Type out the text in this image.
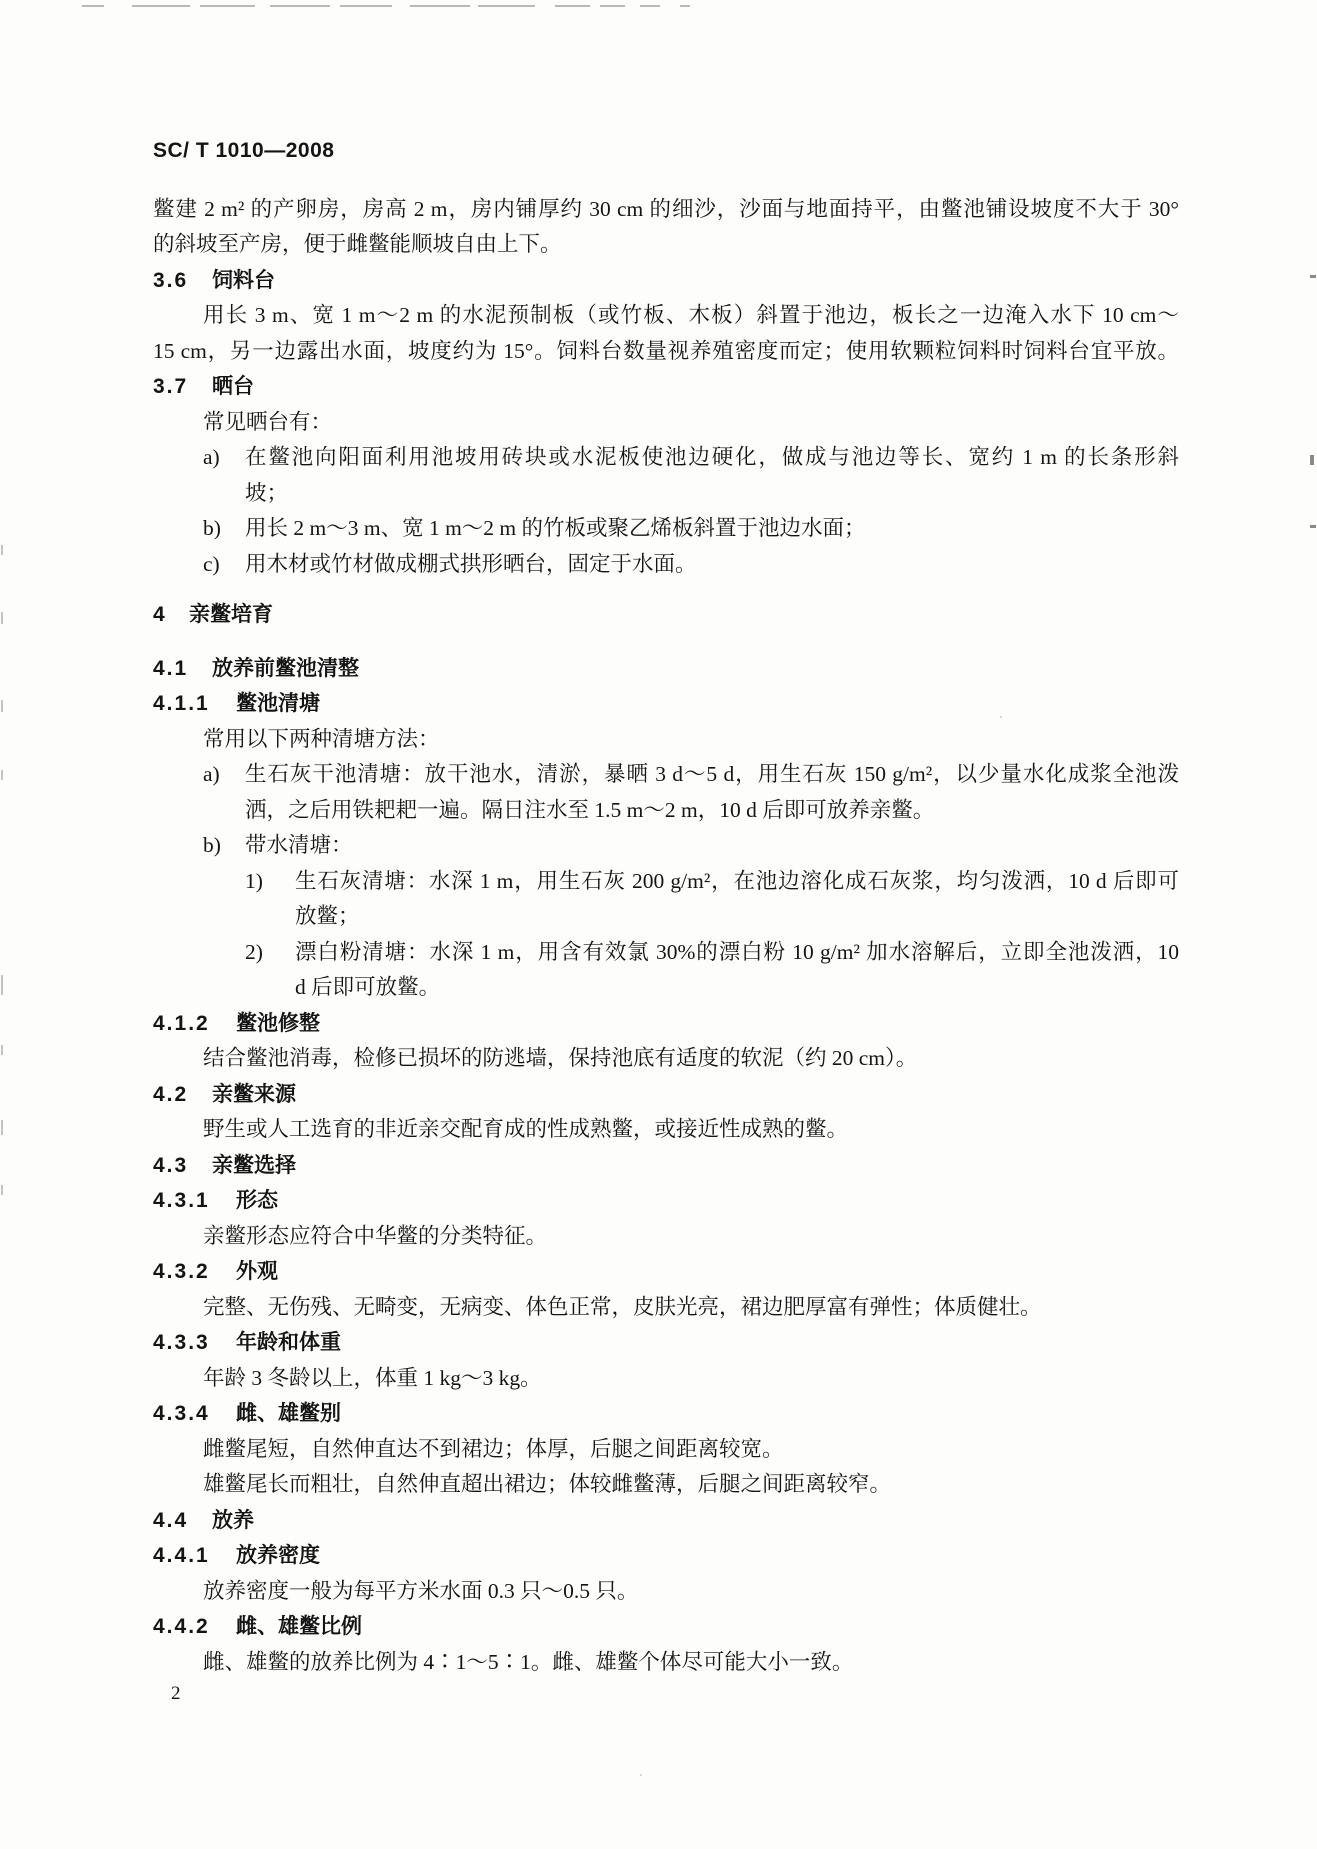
SC/ T 1010—2008
鳖建 2 m² 的产卵房，房高 2 m，房内铺厚约 30 cm 的细沙，沙面与地面持平，由鳖池铺设坡度不大于 30°
的斜坡至产房，便于雌鳖能顺坡自由上下。
3.6 饲料台
用长 3 m、宽 1 m～2 m 的水泥预制板（或竹板、木板）斜置于池边，板长之一边淹入水下 10 cm～
15 cm，另一边露出水面，坡度约为 15°。饲料台数量视养殖密度而定；使用软颗粒饲料时饲料台宜平放。
3.7 晒台
常见晒台有：
a)	在鳖池向阳面利用池坡用砖块或水泥板使池边硬化，做成与池边等长、宽约 1 m 的长条形斜
坡；
b)	用长 2 m～3 m、宽 1 m～2 m 的竹板或聚乙烯板斜置于池边水面；
c)	用木材或竹材做成棚式拱形晒台，固定于水面。
4 亲鳖培育
4.1 放养前鳖池清整
4.1.1 鳖池清塘
常用以下两种清塘方法：
a)	生石灰干池清塘：放干池水，清淤，暴晒 3 d～5 d，用生石灰 150 g/m²，以少量水化成浆全池泼
洒，之后用铁耙耙一遍。隔日注水至 1.5 m～2 m，10 d 后即可放养亲鳖。
b)	带水清塘：
1)	生石灰清塘：水深 1 m，用生石灰 200 g/m²，在池边溶化成石灰浆，均匀泼洒，10 d 后即可
放鳖；
2)	漂白粉清塘：水深 1 m，用含有效氯 30%的漂白粉 10 g/m² 加水溶解后，立即全池泼洒，10
d 后即可放鳖。
4.1.2 鳖池修整
结合鳖池消毒，检修已损坏的防逃墙，保持池底有适度的软泥（约 20 cm）。
4.2 亲鳖来源
野生或人工选育的非近亲交配育成的性成熟鳖，或接近性成熟的鳖。
4.3 亲鳖选择
4.3.1 形态
亲鳖形态应符合中华鳖的分类特征。
4.3.2 外观
完整、无伤残、无畸变，无病变、体色正常，皮肤光亮，裙边肥厚富有弹性；体质健壮。
4.3.3 年龄和体重
年龄 3 冬龄以上，体重 1 kg～3 kg。
4.3.4 雌、雄鳖别
雌鳖尾短，自然伸直达不到裙边；体厚，后腿之间距离较宽。
雄鳖尾长而粗壮，自然伸直超出裙边；体较雌鳖薄，后腿之间距离较窄。
4.4 放养
4.4.1 放养密度
放养密度一般为每平方米水面 0.3 只～0.5 只。
4.4.2 雌、雄鳖比例
雌、雄鳖的放养比例为 4∶1～5∶1。雌、雄鳖个体尽可能大小一致。
2
